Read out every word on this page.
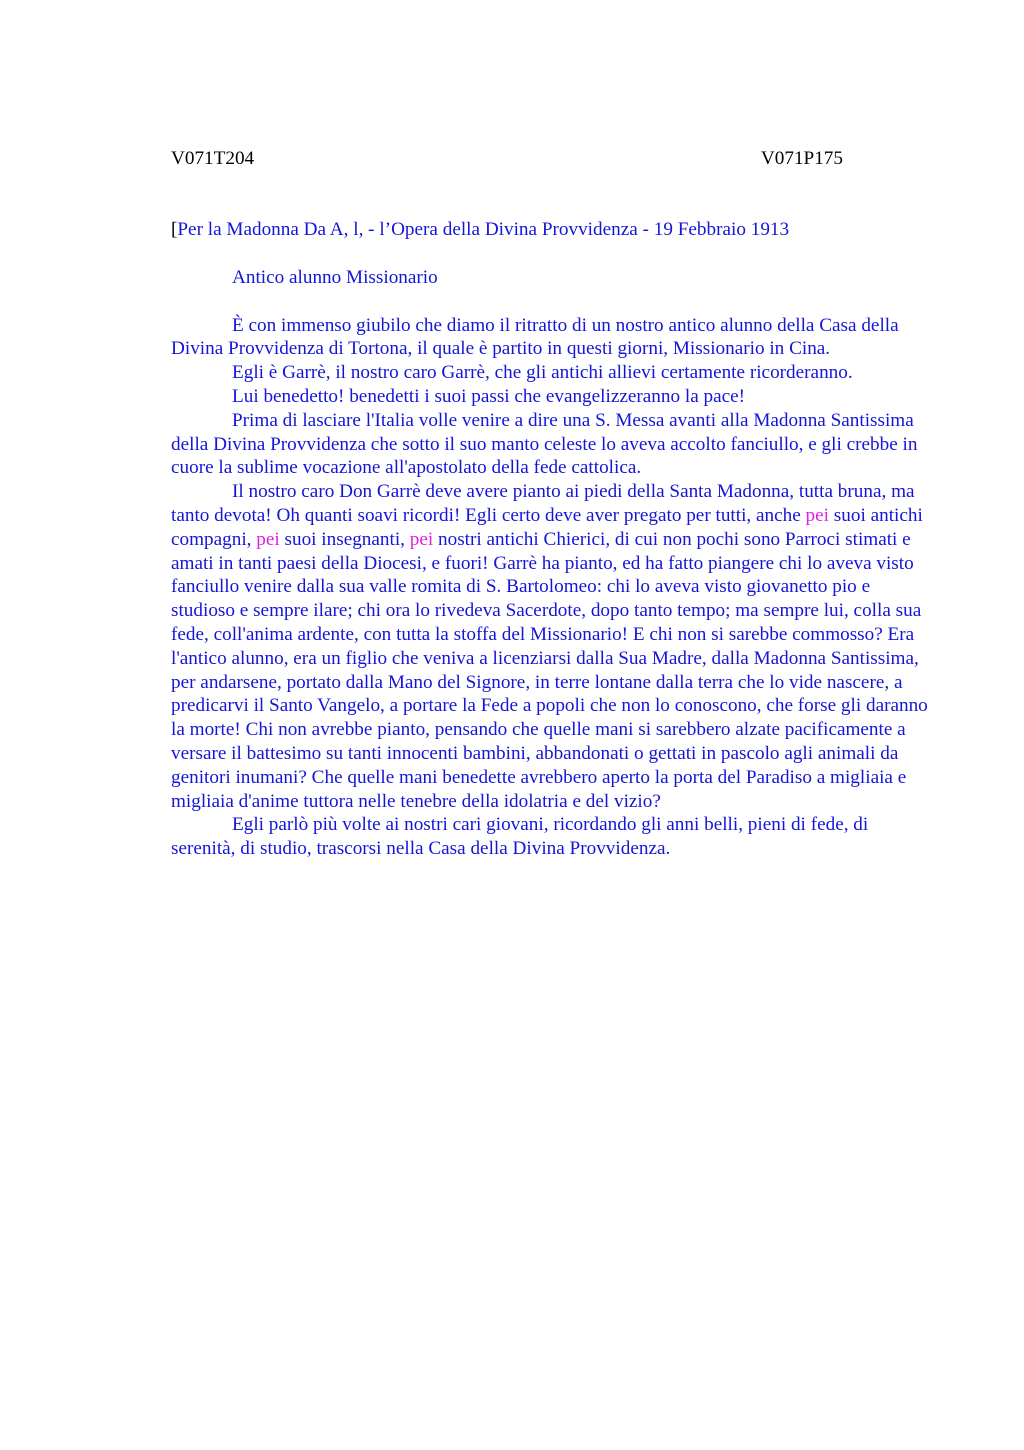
V071T204	V071P175

[Per la Madonna Da A, l, - l’Opera della Divina Provvidenza - 19 Febbraio 1913

Antico alunno Missionario

È con immenso giubilo che diamo il ritratto di un nostro antico alunno della Casa della Divina Provvidenza di Tortona, il quale è partito in questi giorni, Missionario in Cina.

Egli è Garrè, il nostro caro Garrè, che gli antichi allievi certamente ricorderanno.

Lui benedetto! benedetti i suoi passi che evangelizzeranno la pace!

Prima di lasciare l'Italia volle venire a dire una S. Messa avanti alla Madonna Santissima della Divina Provvidenza che sotto il suo manto celeste lo aveva accolto fanciullo, e gli crebbe in cuore la sublime vocazione all'apostolato della fede cattolica.

Il nostro caro Don Garrè deve avere pianto ai piedi della Santa Madonna, tutta bruna, ma tanto devota! Oh quanti soavi ricordi! Egli certo deve aver pregato per tutti, anche pei suoi antichi compagni, pei suoi insegnanti, pei nostri antichi Chierici, di cui non pochi sono Parroci stimati e amati in tanti paesi della Diocesi, e fuori! Garrè ha pianto, ed ha fatto piangere chi lo aveva visto fanciullo venire dalla sua valle romita di S. Bartolomeo: chi lo aveva visto giovanetto pio e studioso e sempre ilare; chi ora lo rivedeva Sacerdote, dopo tanto tempo; ma sempre lui, colla sua fede, coll'anima ardente, con tutta la stoffa del Missionario! E chi non si sarebbe commosso? Era l'antico alunno, era un figlio che veniva a licenziarsi dalla Sua Madre, dalla Madonna Santissima, per andarsene, portato dalla Mano del Signore, in terre lontane dalla terra che lo vide nascere, a predicarvi il Santo Vangelo, a portare la Fede a popoli che non lo conoscono, che forse gli daranno la morte! Chi non avrebbe pianto, pensando che quelle mani si sarebbero alzate pacificamente a versare il battesimo su tanti innocenti bambini, abbandonati o gettati in pascolo agli animali da genitori inumani? Che quelle mani benedette avrebbero aperto la porta del Paradiso a migliaia e migliaia d'anime tuttora nelle tenebre della idolatria e del vizio?

Egli parlò più volte ai nostri cari giovani, ricordando gli anni belli, pieni di fede, di serenità, di studio, trascorsi nella Casa della Divina Provvidenza.
